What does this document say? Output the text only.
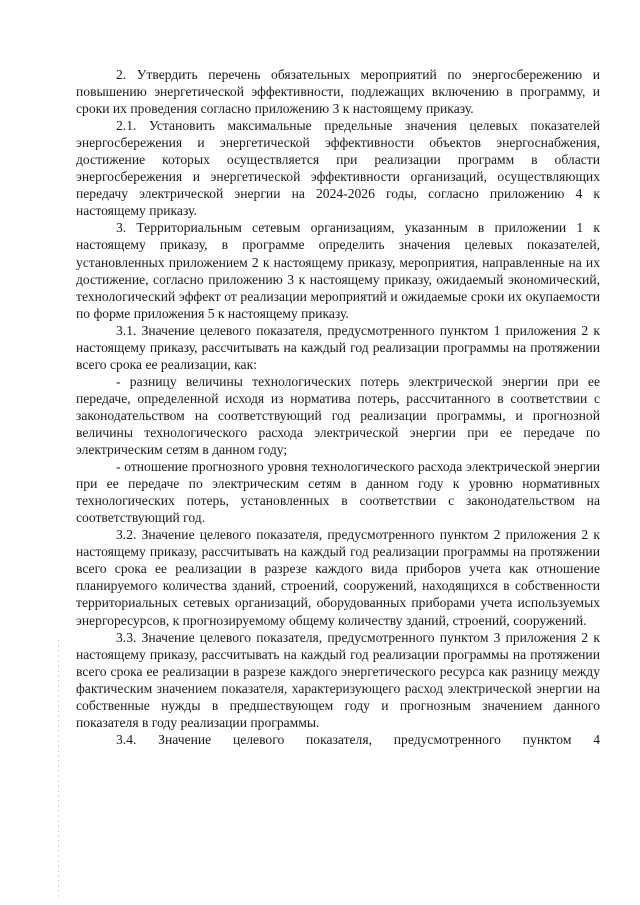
2. Утвердить перечень обязательных мероприятий по энергосбережению и повышению энергетической эффективности, подлежащих включению в программу, и сроки их проведения согласно приложению 3 к настоящему приказу.

2.1. Установить максимальные предельные значения целевых показателей энергосбережения и энергетической эффективности объектов энергоснабжения, достижение которых осуществляется при реализации программ в области энергосбережения и энергетической эффективности организаций, осуществляющих передачу электрической энергии на 2024-2026 годы, согласно приложению 4 к настоящему приказу.

3. Территориальным сетевым организациям, указанным в приложении 1 к настоящему приказу, в программе определить значения целевых показателей, установленных приложением 2 к настоящему приказу, мероприятия, направленные на их достижение, согласно приложению 3 к настоящему приказу, ожидаемый экономический, технологический эффект от реализации мероприятий и ожидаемые сроки их окупаемости по форме приложения 5 к настоящему приказу.

3.1. Значение целевого показателя, предусмотренного пунктом 1 приложения 2 к настоящему приказу, рассчитывать на каждый год реализации программы на протяжении всего срока ее реализации, как:

- разницу величины технологических потерь электрической энергии при ее передаче, определенной исходя из норматива потерь, рассчитанного в соответствии с законодательством на соответствующий год реализации программы, и прогнозной величины технологического расхода электрической энергии при ее передаче по электрическим сетям в данном году;

- отношение прогнозного уровня технологического расхода электрической энергии при ее передаче по электрическим сетям в данном году к уровню нормативных технологических потерь, установленных в соответствии с законодательством на соответствующий год.

3.2. Значение целевого показателя, предусмотренного пунктом 2 приложения 2 к настоящему приказу, рассчитывать на каждый год реализации программы на протяжении всего срока ее реализации в разрезе каждого вида приборов учета как отношение планируемого количества зданий, строений, сооружений, находящихся в собственности территориальных сетевых организаций, оборудованных приборами учета используемых энергоресурсов, к прогнозируемому общему количеству зданий, строений, сооружений.

3.3. Значение целевого показателя, предусмотренного пунктом 3 приложения 2 к настоящему приказу, рассчитывать на каждый год реализации программы на протяжении всего срока ее реализации в разрезе каждого энергетического ресурса как разницу между фактическим значением показателя, характеризующего расход электрической энергии на собственные нужды в предшествующем году и прогнозным значением данного показателя в году реализации программы.

3.4. Значение целевого показателя, предусмотренного пунктом 4
